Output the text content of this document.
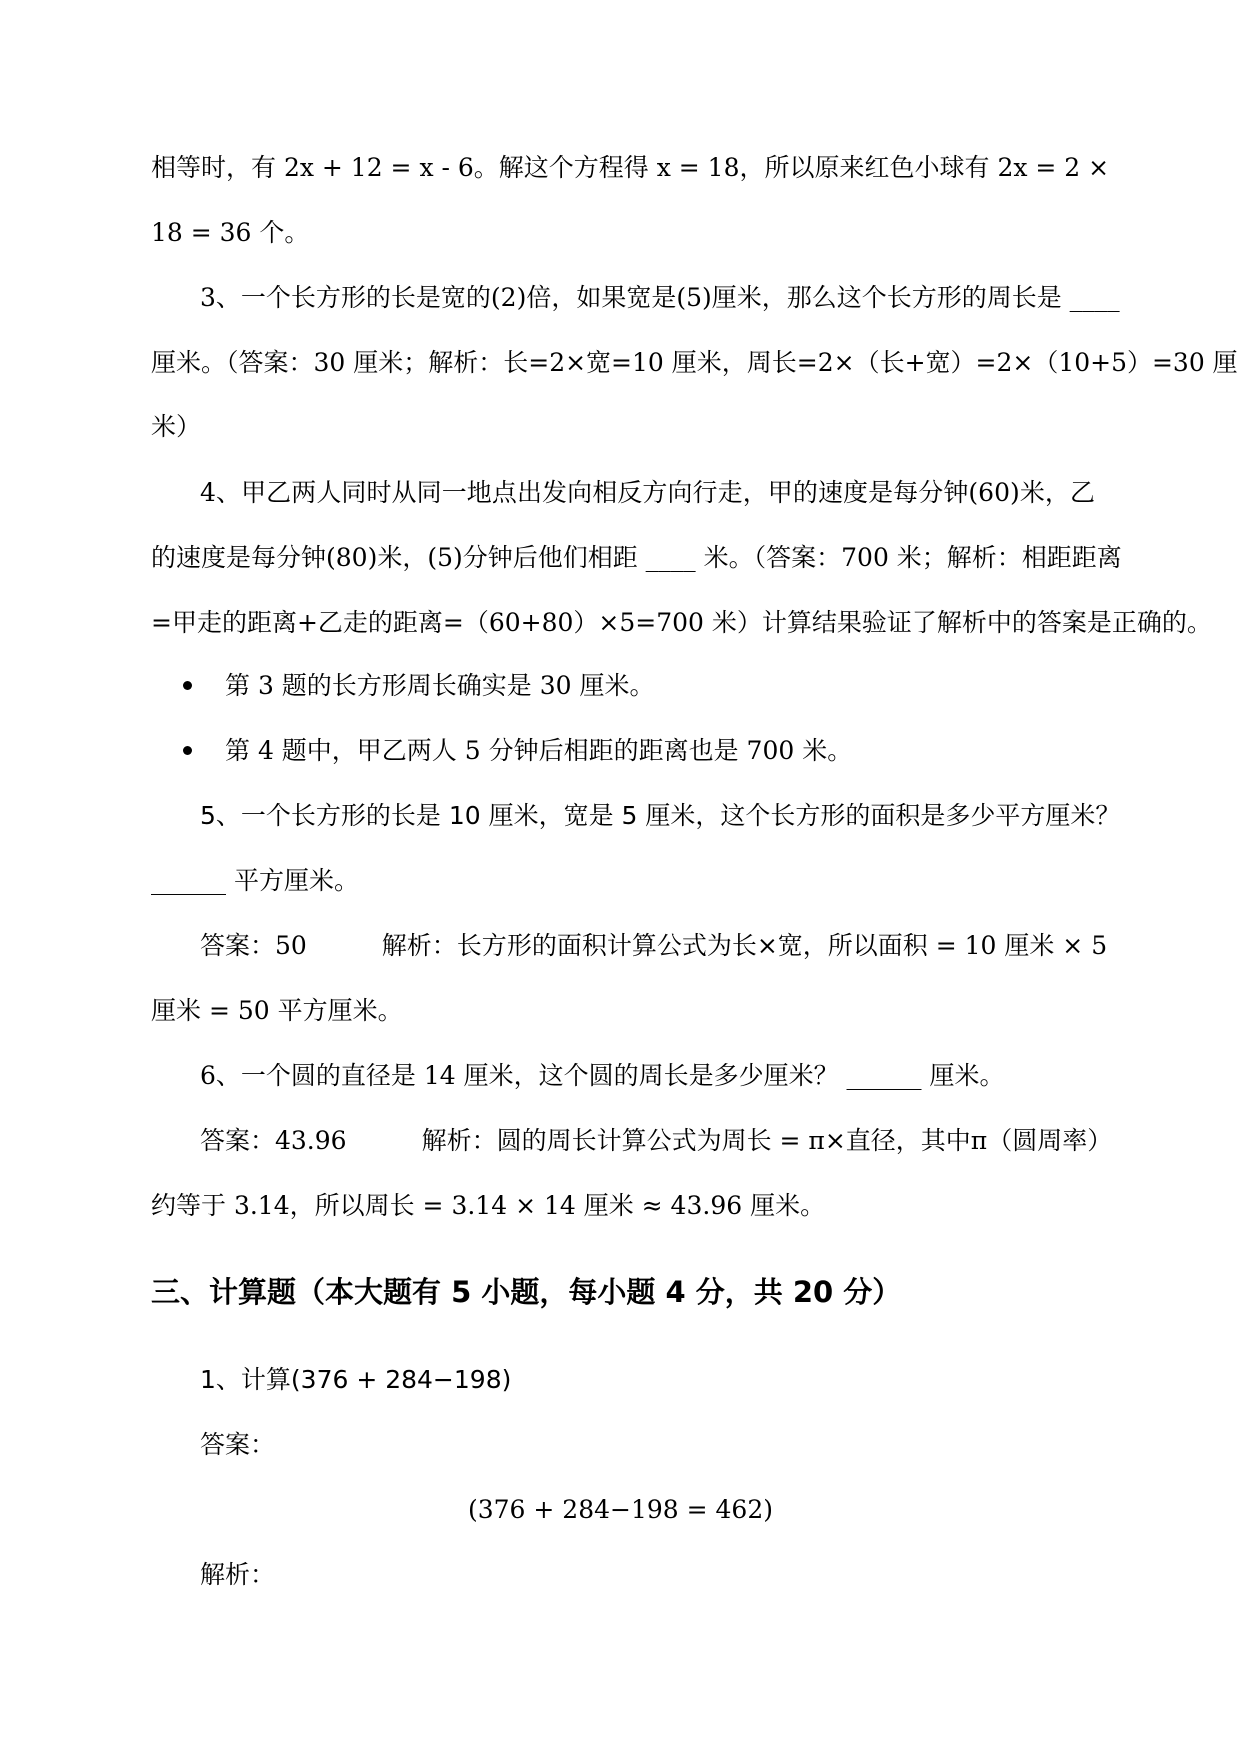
相等时，有 2x + 12 = x - 6。解这个方程得 x = 18，所以原来红色小球有 2x = 2 ×
18 = 36 个。
3、一个长方形的长是宽的(2)倍，如果宽是(5)厘米，那么这个长方形的周长是 ____
厘米。（答案：30 厘米；解析：长=2×宽=10 厘米，周长=2×（长+宽）=2×（10+5）=30 厘
米）
4、甲乙两人同时从同一地点出发向相反方向行走，甲的速度是每分钟(60)米，乙
的速度是每分钟(80)米，(5)分钟后他们相距 ____ 米。（答案：700 米；解析：相距距离
=甲走的距离+乙走的距离=（60+80）×5=700 米）计算结果验证了解析中的答案是正确的。
第 3 题的长方形周长确实是 30 厘米。
第 4 题中，甲乙两人 5 分钟后相距的距离也是 700 米。
5、一个长方形的长是 10 厘米，宽是 5 厘米，这个长方形的面积是多少平方厘米？
______ 平方厘米。
答案：50　　　解析：长方形的面积计算公式为长×宽，所以面积 = 10 厘米 × 5
厘米 = 50 平方厘米。
6、一个圆的直径是 14 厘米，这个圆的周长是多少厘米？ ______ 厘米。
答案：43.96　　　解析：圆的周长计算公式为周长 = π×直径，其中π（圆周率）
约等于 3.14，所以周长 = 3.14 × 14 厘米 ≈ 43.96 厘米。
三、计算题（本大题有 5 小题，每小题 4 分，共 20 分）
1、计算(376 + 284−198)
答案：
(376 + 284−198 = 462)
解析：
